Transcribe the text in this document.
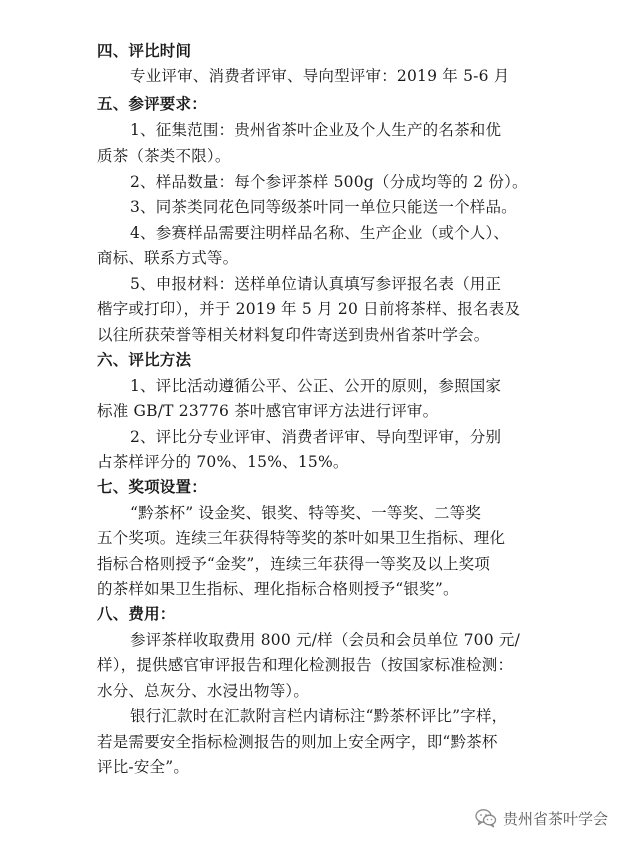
四、评比时间
专业评审、消费者评审、导向型评审：2019 年 5-6 月
五、参评要求：
1、征集范围：贵州省茶叶企业及个人生产的名茶和优
质茶（茶类不限）。
2、样品数量：每个参评茶样 500g（分成均等的 2 份）。
3、同茶类同花色同等级茶叶同一单位只能送一个样品。
4、参赛样品需要注明样品名称、生产企业（或个人）、
商标、联系方式等。
5、申报材料：送样单位请认真填写参评报名表（用正
楷字或打印），并于 2019 年 5 月 20 日前将茶样、报名表及
以往所获荣誉等相关材料复印件寄送到贵州省茶叶学会。
六、评比方法
1、评比活动遵循公平、公正、公开的原则，参照国家
标准 GB/T 23776 茶叶感官审评方法进行评审。
2、评比分专业评审、消费者评审、导向型评审，分别
占茶样评分的 70%、15%、15%。
七、奖项设置：
“黔茶杯” 设金奖、银奖、特等奖、一等奖、二等奖
五个奖项。连续三年获得特等奖的茶叶如果卫生指标、理化
指标合格则授予“金奖”，连续三年获得一等奖及以上奖项
的茶样如果卫生指标、理化指标合格则授予“银奖”。
八、费用：
参评茶样收取费用 800 元/样（会员和会员单位 700 元/
样），提供感官审评报告和理化检测报告（按国家标准检测：
水分、总灰分、水浸出物等）。
银行汇款时在汇款附言栏内请标注“黔茶杯评比”字样，
若是需要安全指标检测报告的则加上安全两字，即“黔茶杯
评比-安全”。
贵州省茶叶学会
